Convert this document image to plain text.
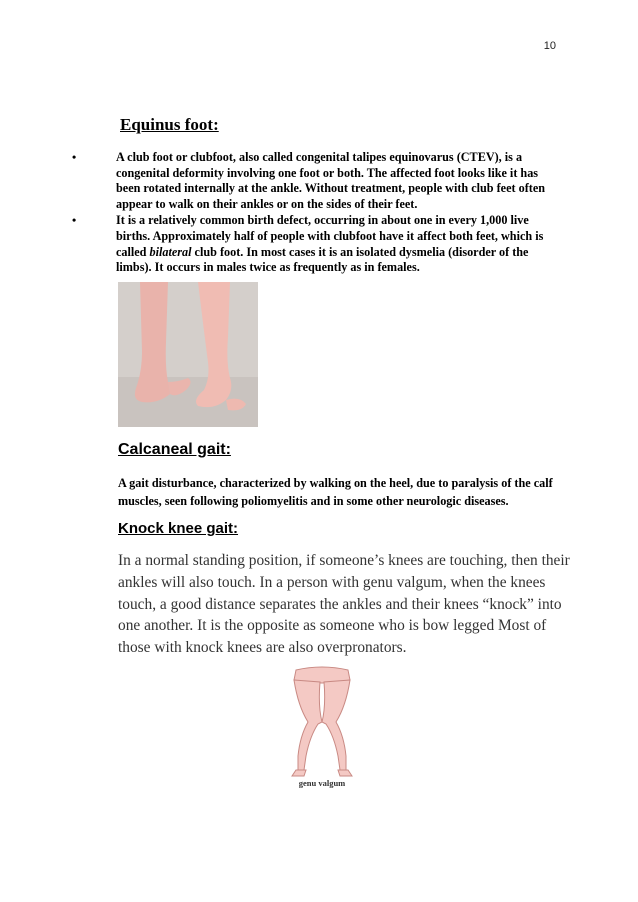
10
Equinus foot:
•	A club foot or clubfoot, also called congenital talipes equinovarus (CTEV), is a congenital deformity involving one foot or both. The affected foot looks like it has been rotated internally at the ankle. Without treatment, people with club feet often appear to walk on their ankles or on the sides of their feet.
•	It is a relatively common birth defect, occurring in about one in every 1,000 live births. Approximately half of people with clubfoot have it affect both feet, which is called bilateral club foot. In most cases it is an isolated dysmelia (disorder of the limbs). It occurs in males twice as frequently as in females.
Calcaneal gait:

A gait disturbance, characterized by walking on the heel, due to paralysis of the calf muscles, seen following poliomyelitis and in some other neurologic diseases.

Knock knee gait:

In a normal standing position, if someone’s knees are touching, then their ankles will also touch. In a person with genu valgum, when the knees touch, a good distance separates the ankles and their knees “knock” into one another. It is the opposite as someone who is bow legged Most of those with knock knees are also overpronators.

genu valgum
